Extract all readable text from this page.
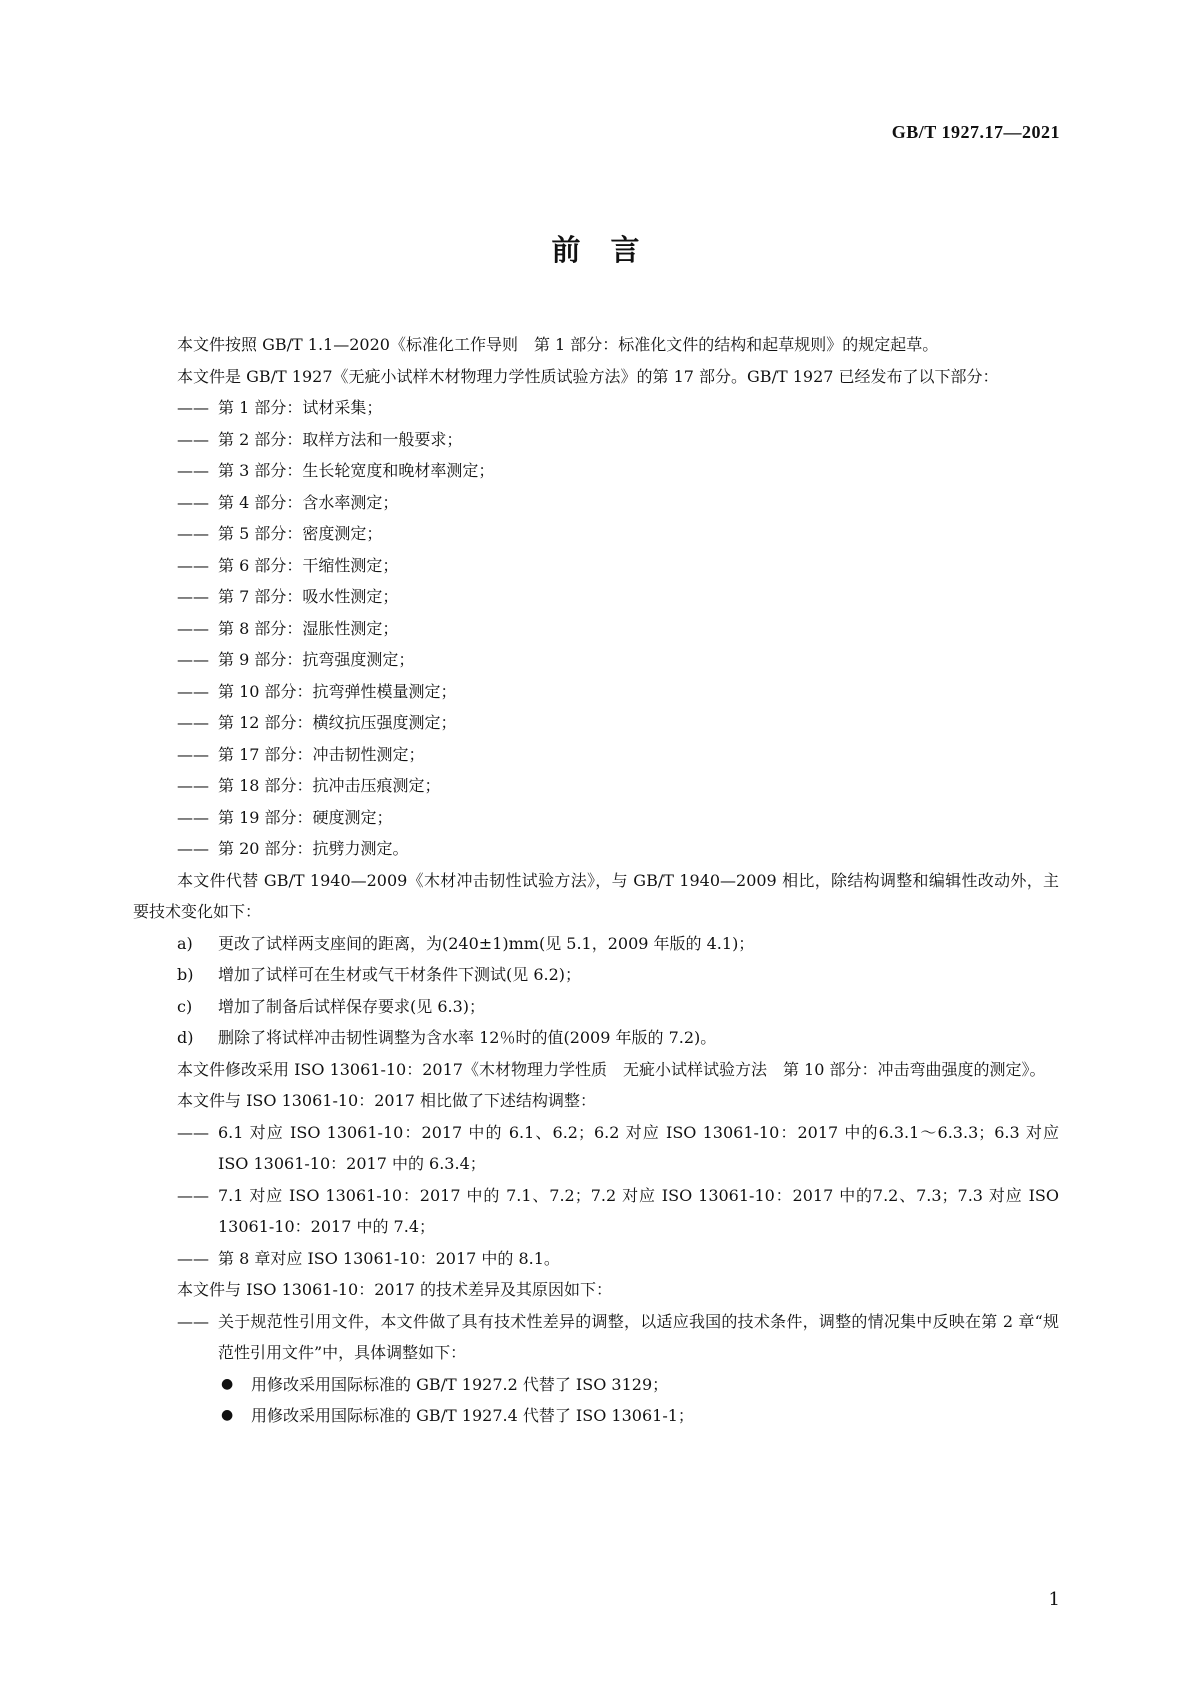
GB/T 1927.17—2021
前言

本文件按照 GB/T 1.1—2020《标准化工作导则　第 1 部分：标准化文件的结构和起草规则》的规定起草。

本文件是 GB/T 1927《无疵小试样木材物理力学性质试验方法》的第 17 部分。GB/T 1927 已经发布了以下部分：

—— 第 1 部分：试材采集；

—— 第 2 部分：取样方法和一般要求；

—— 第 3 部分：生长轮宽度和晚材率测定；

—— 第 4 部分：含水率测定；

—— 第 5 部分：密度测定；

—— 第 6 部分：干缩性测定；

—— 第 7 部分：吸水性测定；

—— 第 8 部分：湿胀性测定；

—— 第 9 部分：抗弯强度测定；

—— 第 10 部分：抗弯弹性模量测定；

—— 第 12 部分：横纹抗压强度测定；

—— 第 17 部分：冲击韧性测定；

—— 第 18 部分：抗冲击压痕测定；

—— 第 19 部分：硬度测定；

—— 第 20 部分：抗劈力测定。

本文件代替 GB/T 1940—2009《木材冲击韧性试验方法》，与 GB/T 1940—2009 相比，除结构调整和编辑性改动外，主要技术变化如下：

a) 更改了试样两支座间的距离，为(240±1)mm(见 5.1，2009 年版的 4.1)；

b) 增加了试样可在生材或气干材条件下测试(见 6.2)；

c) 增加了制备后试样保存要求(见 6.3)；

d) 删除了将试样冲击韧性调整为含水率 12％时的值(2009 年版的 7.2)。

本文件修改采用 ISO 13061-10：2017《木材物理力学性质　无疵小试样试验方法　第 10 部分：冲击弯曲强度的测定》。

本文件与 ISO 13061-10：2017 相比做了下述结构调整：

—— 6.1 对应 ISO 13061-10：2017 中的 6.1、6.2；6.2 对应 ISO 13061-10：2017 中的6.3.1～6.3.3；6.3 对应 ISO 13061-10：2017 中的 6.3.4；

—— 7.1 对应 ISO 13061-10：2017 中的 7.1、7.2；7.2 对应 ISO 13061-10：2017 中的7.2、7.3；7.3 对应 ISO 13061-10：2017 中的 7.4；

—— 第 8 章对应 ISO 13061-10：2017 中的 8.1。

本文件与 ISO 13061-10：2017 的技术差异及其原因如下：

—— 关于规范性引用文件，本文件做了具有技术性差异的调整，以适应我国的技术条件，调整的情况集中反映在第 2 章“规范性引用文件”中，具体调整如下：

● 用修改采用国际标准的 GB/T 1927.2 代替了 ISO 3129；

● 用修改采用国际标准的 GB/T 1927.4 代替了 ISO 13061-1；

1
